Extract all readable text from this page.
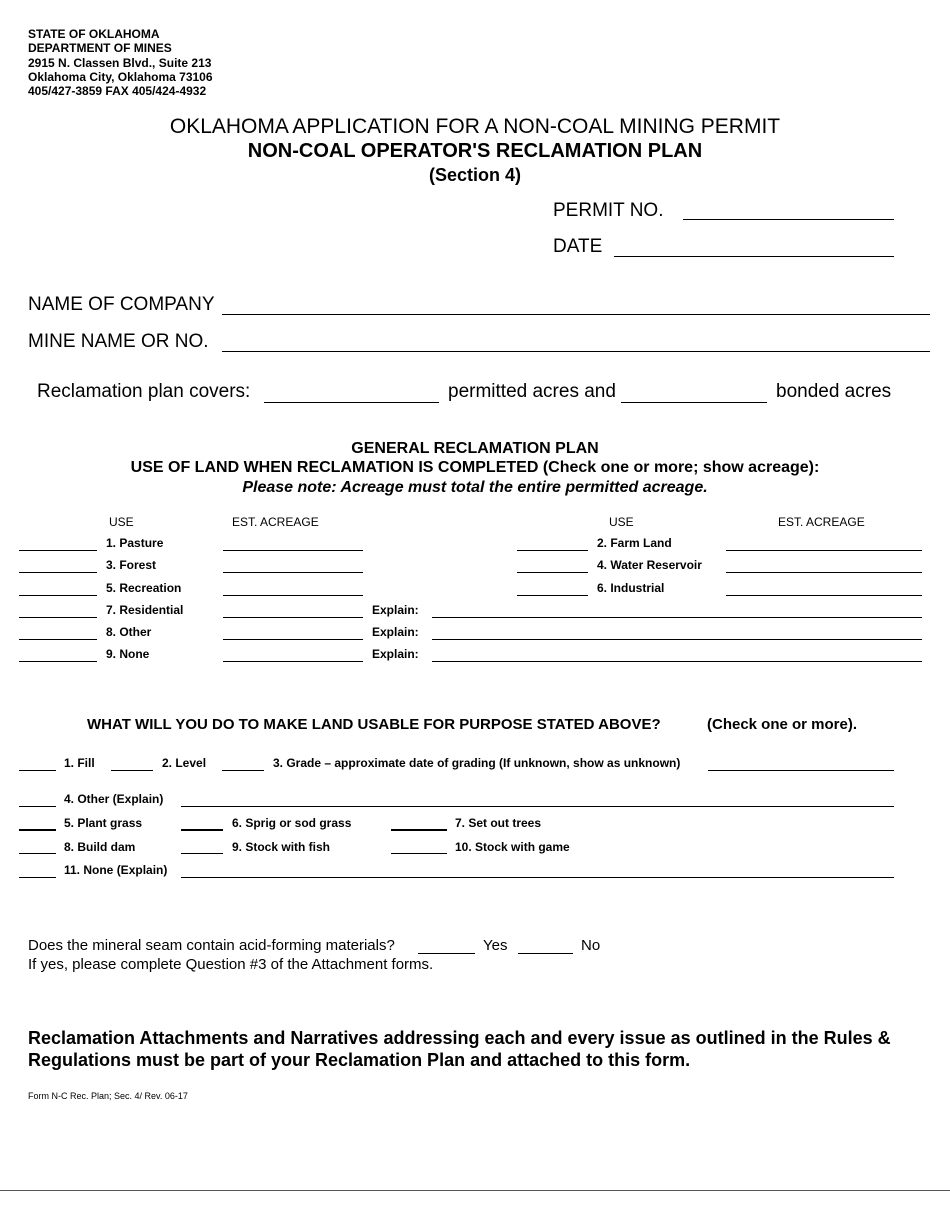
STATE OF OKLAHOMA
DEPARTMENT OF MINES
2915 N. Classen Blvd., Suite 213
Oklahoma City, Oklahoma 73106
405/427-3859 FAX 405/424-4932
OKLAHOMA APPLICATION FOR A NON-COAL MINING PERMIT
NON-COAL OPERATOR'S RECLAMATION PLAN
(Section 4)
PERMIT NO.
DATE
NAME OF COMPANY
MINE NAME OR NO.
Reclamation plan covers:	permitted acres and	bonded acres
GENERAL RECLAMATION PLAN
USE OF LAND WHEN RECLAMATION IS COMPLETED (Check one or more; show acreage):
Please note: Acreage must total the entire permitted acreage.
USE	EST. ACREAGE	USE	EST. ACREAGE
1. Pasture	2. Farm Land
3. Forest	4. Water Reservoir
5. Recreation	6. Industrial
7. Residential	Explain:
8. Other	Explain:
9. None	Explain:
WHAT WILL YOU DO TO MAKE LAND USABLE FOR PURPOSE STATED ABOVE?	(Check one or more).
1. Fill	2. Level	3. Grade – approximate date of grading (If unknown, show as unknown)
4. Other (Explain)
5. Plant grass	6. Sprig or sod grass	7. Set out trees
8. Build dam	9. Stock with fish	10. Stock with game
11. None (Explain)
Does the mineral seam contain acid-forming materials?	Yes	No
If yes, please complete Question #3 of the Attachment forms.
Reclamation Attachments and Narratives addressing each and every issue as outlined in the Rules & Regulations must be part of your Reclamation Plan and attached to this form.
Form N-C Rec. Plan; Sec. 4/ Rev. 06-17
